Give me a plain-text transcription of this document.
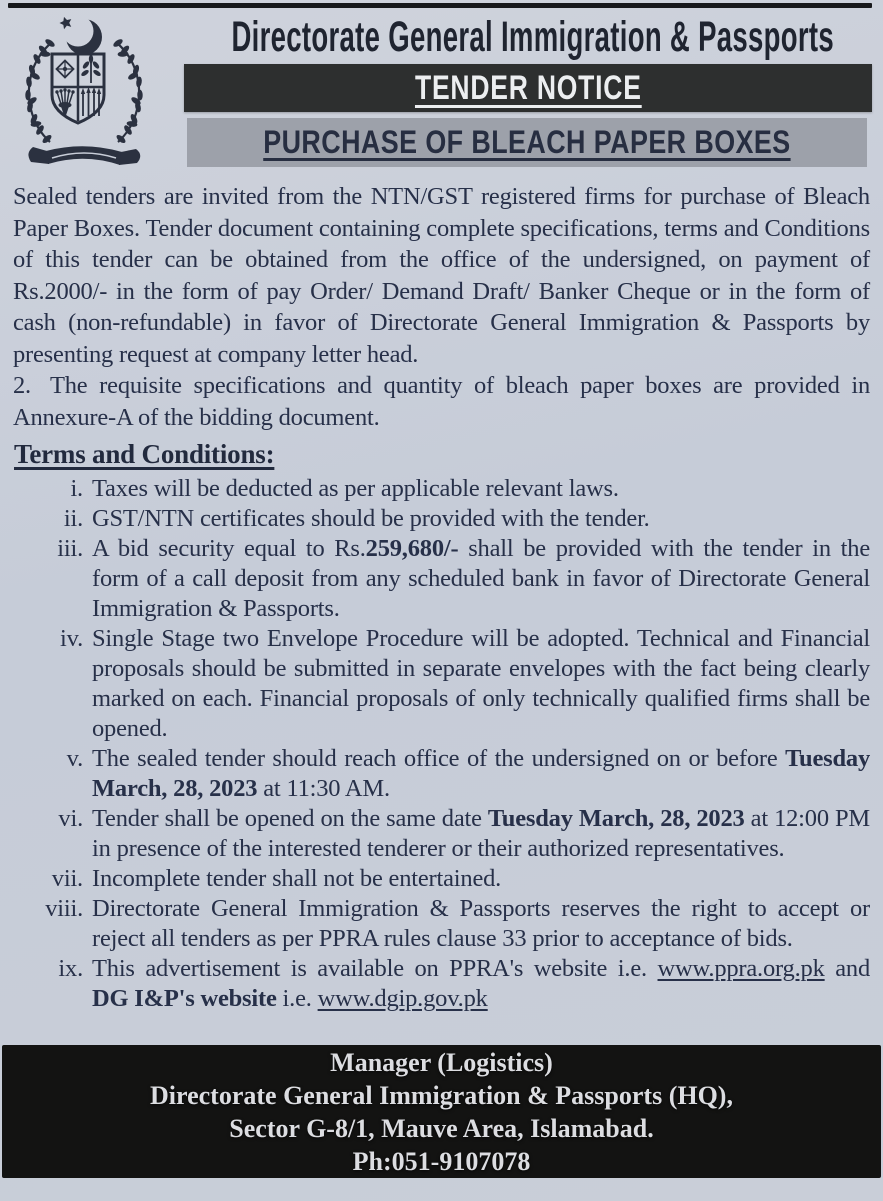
Directorate General Immigration & Passports
TENDER NOTICE
PURCHASE OF BLEACH PAPER BOXES

Sealed tenders are invited from the NTN/GST registered firms for purchase of Bleach Paper Boxes. Tender document containing complete specifications, terms and Conditions of this tender can be obtained from the office of the undersigned, on payment of Rs.2000/- in the form of pay Order/ Demand Draft/ Banker Cheque or in the form of cash (non-refundable) in favor of Directorate General Immigration & Passports by presenting request at company letter head.

2. The requisite specifications and quantity of bleach paper boxes are provided in Annexure-A of the bidding document.

Terms and Conditions:
i. Taxes will be deducted as per applicable relevant laws.
ii. GST/NTN certificates should be provided with the tender.
iii. A bid security equal to Rs.259,680/- shall be provided with the tender in the form of a call deposit from any scheduled bank in favor of Directorate General Immigration & Passports.
iv. Single Stage two Envelope Procedure will be adopted. Technical and Financial proposals should be submitted in separate envelopes with the fact being clearly marked on each. Financial proposals of only technically qualified firms shall be opened.
v. The sealed tender should reach office of the undersigned on or before Tuesday March, 28, 2023 at 11:30 AM.
vi. Tender shall be opened on the same date Tuesday March, 28, 2023 at 12:00 PM in presence of the interested tenderer or their authorized representatives.
vii. Incomplete tender shall not be entertained.
viii. Directorate General Immigration & Passports reserves the right to accept or reject all tenders as per PPRA rules clause 33 prior to acceptance of bids.
ix. This advertisement is available on PPRA's website i.e. www.ppra.org.pk and DG I&P's website i.e. www.dgip.gov.pk
Manager (Logistics)
Directorate General Immigration & Passports (HQ),
Sector G-8/1, Mauve Area, Islamabad.
Ph:051-9107078
